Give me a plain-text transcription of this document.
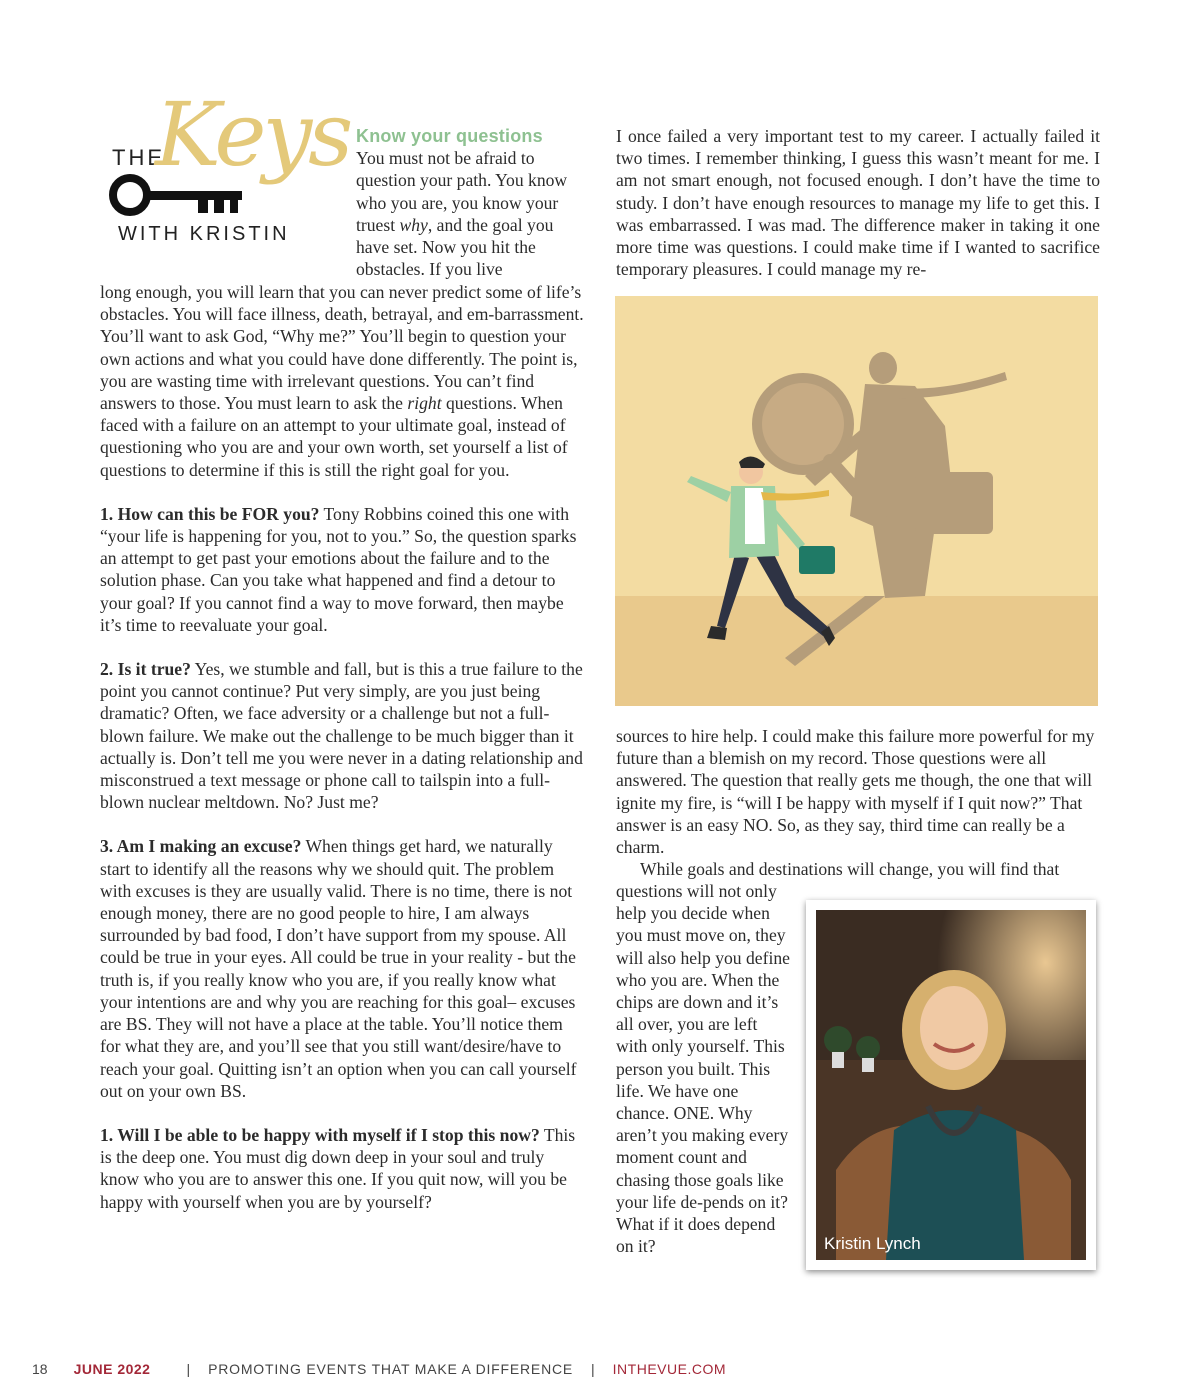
THE
Keys
WITH KRISTIN

Know your questions

You must not be afraid to question your path. You know who you are, you know your truest why, and the goal you have set. Now you hit the obstacles. If you live

long enough, you will learn that you can never predict some of life’s obstacles. You will face illness, death, betrayal, and em-barrassment. You’ll want to ask God, “Why me?” You’ll begin to question your own actions and what you could have done differently. The point is, you are wasting time with irrelevant questions. You can’t find answers to those. You must learn to ask the right questions. When faced with a failure on an attempt to your ultimate goal, instead of questioning who you are and your own worth, set yourself a list of questions to determine if this is still the right goal for you.

1. How can this be FOR you? Tony Robbins coined this one with “your life is happening for you, not to you.” So, the question sparks an attempt to get past your emotions about the failure and to the solution phase. Can you take what happened and find a detour to your goal? If you cannot find a way to move forward, then maybe it’s time to reevaluate your goal.

2. Is it true? Yes, we stumble and fall, but is this a true failure to the point you cannot continue? Put very simply, are you just being dramatic? Often, we face adversity or a challenge but not a full-blown failure. We make out the challenge to be much bigger than it actually is. Don’t tell me you were never in a dating relationship and misconstrued a text message or phone call to tailspin into a full-blown nuclear meltdown. No? Just me?

3. Am I making an excuse? When things get hard, we naturally start to identify all the reasons why we should quit. The problem with excuses is they are usually valid. There is no time, there is not enough money, there are no good people to hire, I am always surrounded by bad food, I don’t have support from my spouse. All could be true in your eyes. All could be true in your reality - but the truth is, if you really know who you are, if you really know what your intentions are and why you are reaching for this goal– excuses are BS. They will not have a place at the table. You’ll notice them for what they are, and you’ll see that you still want/desire/have to reach your goal. Quitting isn’t an option when you can call yourself out on your own BS.

1. Will I be able to be happy with myself if I stop this now? This is the deep one. You must dig down deep in your soul and truly know who you are to answer this one. If you quit now, will you be happy with yourself when you are by yourself?

I once failed a very important test to my career. I actually failed it two times. I remember thinking, I guess this wasn’t meant for me. I am not smart enough, not focused enough. I don’t have the time to study. I don’t have enough resources to manage my life to get this. I was embarrassed. I was mad. The difference maker in taking it one more time was questions. I could make time if I wanted to sacrifice temporary pleasures. I could manage my re-

sources to hire help. I could make this failure more powerful for my future than a blemish on my record. Those questions were all answered. The question that really gets me though, the one that will ignite my fire, is “will I be happy with myself if I quit now?” That answer is an easy NO. So, as they say, third time can really be a charm.

While goals and destinations will change, you will find that

questions will not only help you decide when you must move on, they will also help you define who you are. When the chips are down and it’s all over, you are left with only yourself. This person you built. This life. We have one chance. ONE. Why aren’t you making every moment count and chasing those goals like your life de-pends on it? What if it does depend on it?	Kristin Lynch
18 JUNE 2022	| PROMOTING EVENTS THAT MAKE A DIFFERENCE | INTHEVUE.COM
